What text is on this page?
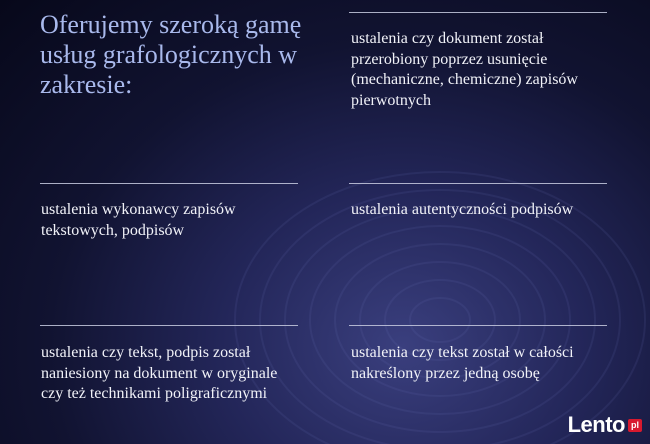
Oferujemy szeroką gamę usług grafologicznych w zakresie:

ustalenia czy dokument został przerobiony poprzez usunięcie (mechaniczne, chemiczne) zapisów pierwotnych

ustalenia wykonawcy zapisów tekstowych, podpisów

ustalenia autentyczności podpisów

ustalenia czy tekst, podpis został naniesiony na dokument w oryginale czy też technikami poligraficznymi

ustalenia czy tekst został w całości nakreślony przez jedną osobę

Lento pl
